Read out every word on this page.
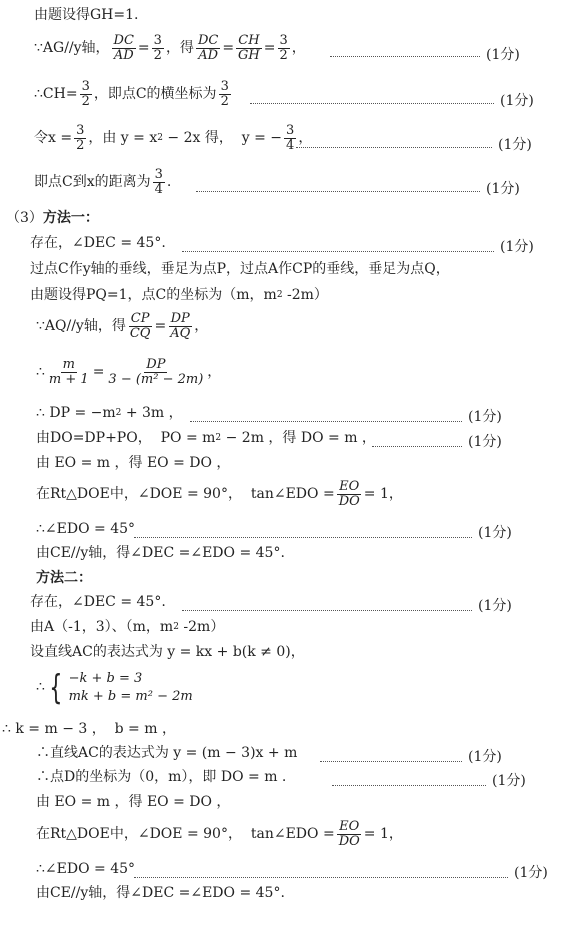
由题设得GH=1.
∵AG//y轴， $\frac{DC}{AD} = \frac{3}{2}$ ，得 $\frac{DC}{AD} = \frac{CH}{GH} = \frac{3}{2}$ ，	(1分)
∴CH= $\frac{3}{2}$ ，即点C的横坐标为 $\frac{3}{2}$	(1分)
令$x = \frac{3}{2}$ ，由 y = x 2 − 2x 得，  y = − $\frac{3}{4}$ ，	(1分)
即点C到x的距离为 $\frac{3}{4}$ .	(1分)
（3） 方法一：
存在，∠DEC = 45°.	(1分)
过点C作y轴的垂线，垂足为点P，过点A作CP的垂线，垂足为点Q，
由题设得PQ=1，点C的坐标为（m，m 2 -2m）
∵AQ//y轴，得 $\frac{CP}{CQ} = \frac{DP}{AQ}$ ，
∴ $\frac{m}{m + 1} = \frac{DP}{\text{3 − (m² − 2m)}}$ ，
∴ DP = −m 2 + 3m ，	(1分)
由DO=DP+PO，  PO = m 2 − 2m ，得 DO = m ，	(1分)
由 EO = m ，得 EO = DO ，
在Rt△DOE中，∠DOE = 90°，  tan∠EDO = $\frac{EO}{DO} = 1$，
∴∠EDO = 45°	(1分)
由CE//y轴，得∠DEC =∠EDO = 45°.
方法二：
存在，∠DEC = 45°.	(1分)
由A（-1，3）、（m，m 2 -2m）
设直线AC的表达式为 y = kx + b(k ≠ 0)，
∴ { −k + b = 3
mk + b = m² − 2m
∴ k = m − 3 ，  b = m ，
∴直线AC的表达式为 y = (m − 3)x + m	(1分)
∴点D的坐标为（0，m），即 DO = m .	(1分)
由 EO = m ，得 EO = DO ，
在Rt△DOE中，∠DOE = 90°，  tan∠EDO = $\frac{EO}{DO} = 1$，
∴∠EDO = 45°	(1分)
由CE//y轴，得∠DEC =∠EDO = 45°.
